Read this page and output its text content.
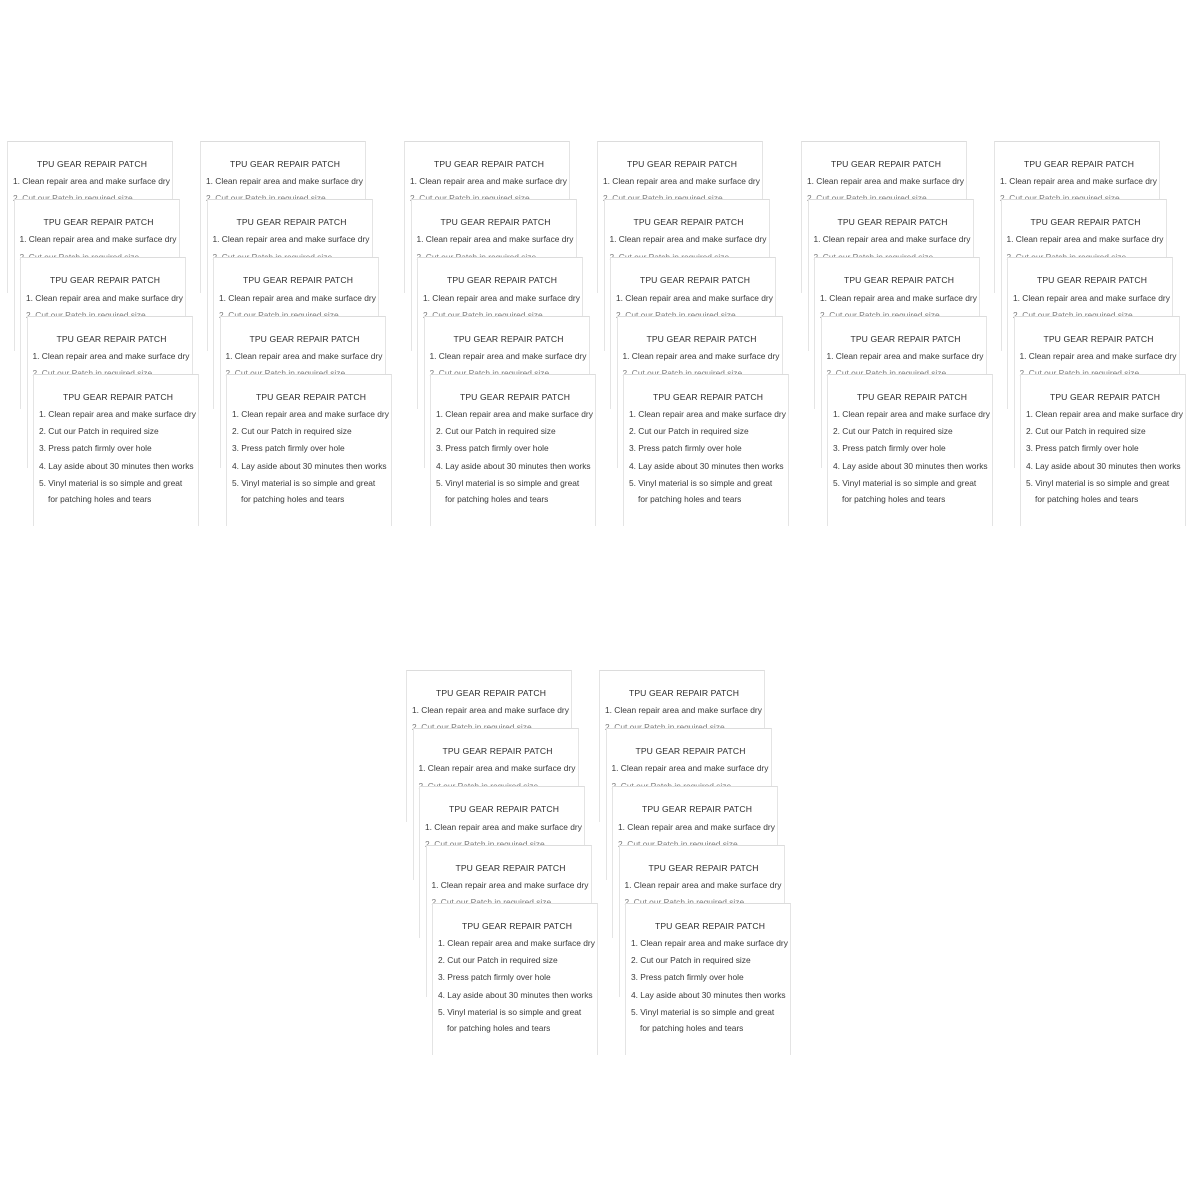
TPU GEAR REPAIR PATCH
1. Clean repair area and make surface dry
TPU GEAR REPAIR PATCH
1. Clean repair area and make surface dry
TPU GEAR REPAIR PATCH
1. Clean repair area and make surface dry
TPU GEAR REPAIR PATCH
1. Clean repair area and make surface dry
TPU GEAR REPAIR PATCH
1. Clean repair area and make surface dry
2. Cut our Patch in required size
3. Press patch firmly over hole
4. Lay aside about 30 minutes then works
5. Vinyl material is so simple and great
for patching holes and tears
TPU GEAR REPAIR PATCH
1. Clean repair area and make surface dry
TPU GEAR REPAIR PATCH
1. Clean repair area and make surface dry
TPU GEAR REPAIR PATCH
1. Clean repair area and make surface dry
TPU GEAR REPAIR PATCH
1. Clean repair area and make surface dry
TPU GEAR REPAIR PATCH
1. Clean repair area and make surface dry
2. Cut our Patch in required size
3. Press patch firmly over hole
4. Lay aside about 30 minutes then works
5. Vinyl material is so simple and great
for patching holes and tears
TPU GEAR REPAIR PATCH
1. Clean repair area and make surface dry
TPU GEAR REPAIR PATCH
1. Clean repair area and make surface dry
TPU GEAR REPAIR PATCH
1. Clean repair area and make surface dry
TPU GEAR REPAIR PATCH
1. Clean repair area and make surface dry
TPU GEAR REPAIR PATCH
1. Clean repair area and make surface dry
2. Cut our Patch in required size
3. Press patch firmly over hole
4. Lay aside about 30 minutes then works
5. Vinyl material is so simple and great
for patching holes and tears
TPU GEAR REPAIR PATCH
1. Clean repair area and make surface dry
TPU GEAR REPAIR PATCH
1. Clean repair area and make surface dry
TPU GEAR REPAIR PATCH
1. Clean repair area and make surface dry
TPU GEAR REPAIR PATCH
1. Clean repair area and make surface dry
TPU GEAR REPAIR PATCH
1. Clean repair area and make surface dry
2. Cut our Patch in required size
3. Press patch firmly over hole
4. Lay aside about 30 minutes then works
5. Vinyl material is so simple and great
for patching holes and tears
TPU GEAR REPAIR PATCH
1. Clean repair area and make surface dry
TPU GEAR REPAIR PATCH
1. Clean repair area and make surface dry
TPU GEAR REPAIR PATCH
1. Clean repair area and make surface dry
TPU GEAR REPAIR PATCH
1. Clean repair area and make surface dry
TPU GEAR REPAIR PATCH
1. Clean repair area and make surface dry
2. Cut our Patch in required size
3. Press patch firmly over hole
4. Lay aside about 30 minutes then works
5. Vinyl material is so simple and great
for patching holes and tears
TPU GEAR REPAIR PATCH
1. Clean repair area and make surface dry
TPU GEAR REPAIR PATCH
1. Clean repair area and make surface dry
TPU GEAR REPAIR PATCH
1. Clean repair area and make surface dry
TPU GEAR REPAIR PATCH
1. Clean repair area and make surface dry
TPU GEAR REPAIR PATCH
1. Clean repair area and make surface dry
2. Cut our Patch in required size
3. Press patch firmly over hole
4. Lay aside about 30 minutes then works
5. Vinyl material is so simple and great
for patching holes and tears
TPU GEAR REPAIR PATCH
1. Clean repair area and make surface dry
TPU GEAR REPAIR PATCH
1. Clean repair area and make surface dry
TPU GEAR REPAIR PATCH
1. Clean repair area and make surface dry
TPU GEAR REPAIR PATCH
1. Clean repair area and make surface dry
TPU GEAR REPAIR PATCH
1. Clean repair area and make surface dry
2. Cut our Patch in required size
3. Press patch firmly over hole
4. Lay aside about 30 minutes then works
5. Vinyl material is so simple and great
for patching holes and tears
TPU GEAR REPAIR PATCH
1. Clean repair area and make surface dry
TPU GEAR REPAIR PATCH
1. Clean repair area and make surface dry
TPU GEAR REPAIR PATCH
1. Clean repair area and make surface dry
TPU GEAR REPAIR PATCH
1. Clean repair area and make surface dry
TPU GEAR REPAIR PATCH
1. Clean repair area and make surface dry
2. Cut our Patch in required size
3. Press patch firmly over hole
4. Lay aside about 30 minutes then works
5. Vinyl material is so simple and great
for patching holes and tears
